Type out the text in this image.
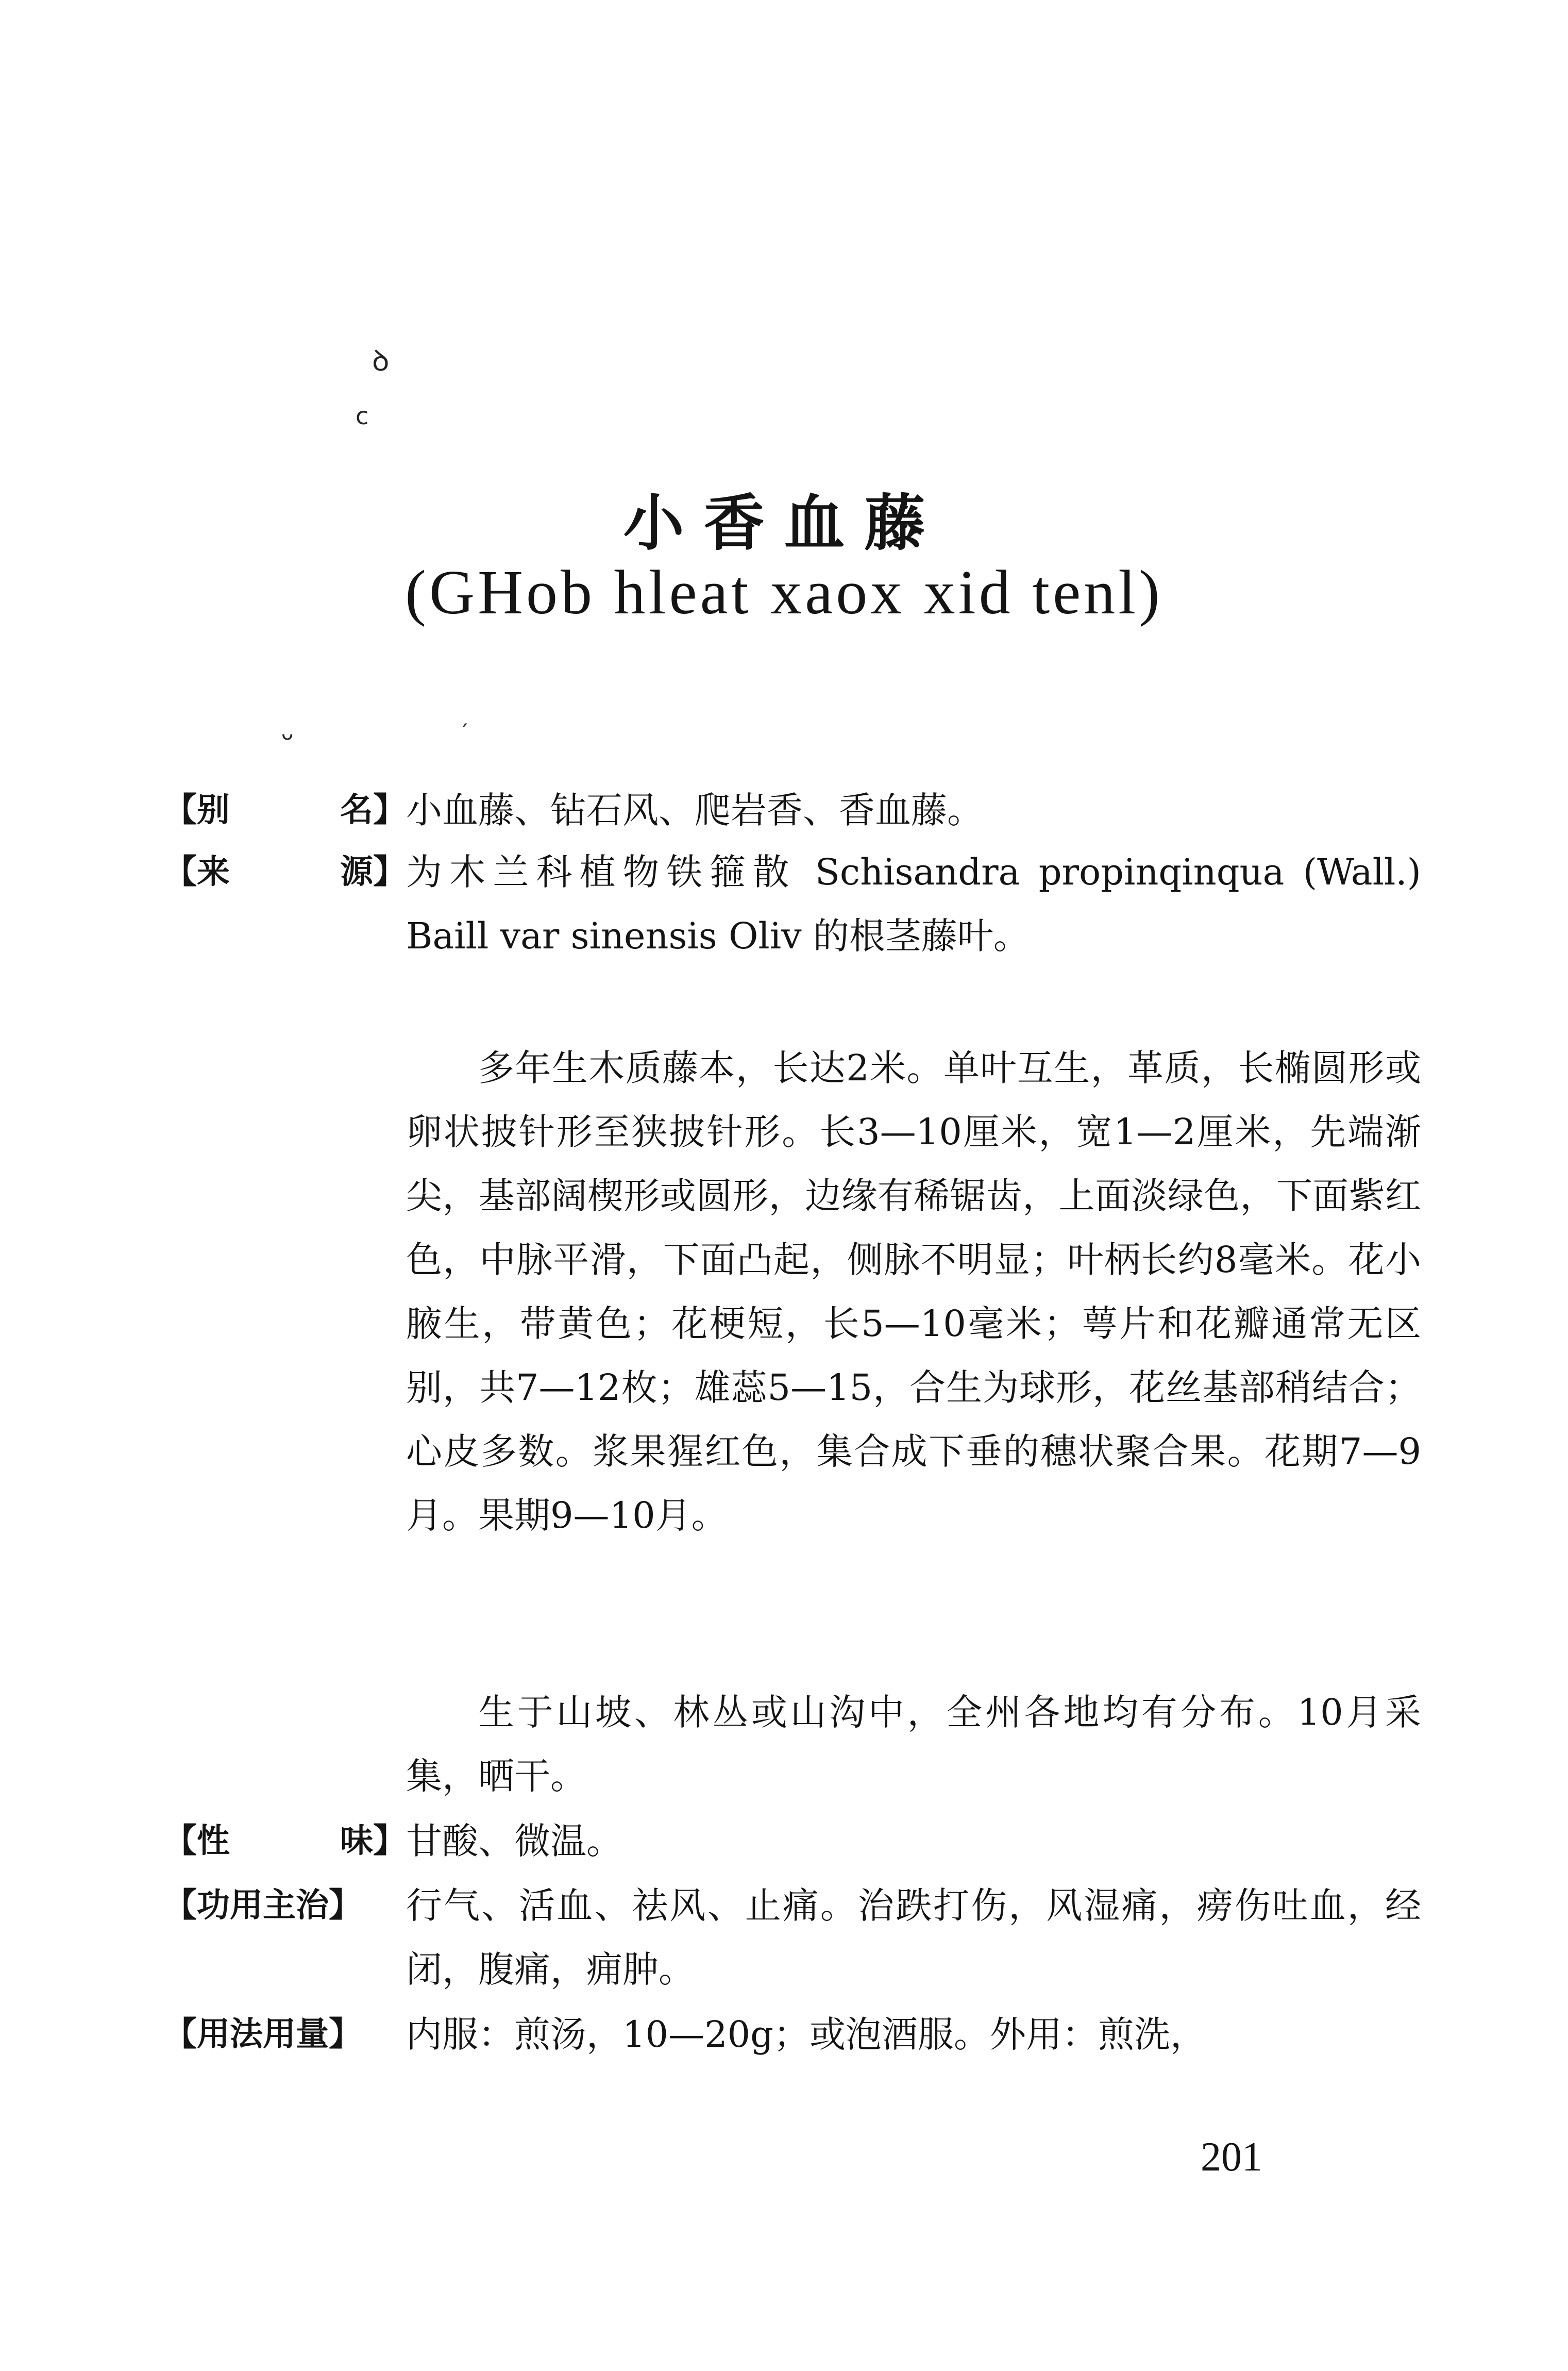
ꝺ
c
ᴗ	ˊ
小香血藤
(GHob hleat xaox xid tenl)
【别	名】 小血藤、钻石风、爬岩香、香血藤。
【来	源】 为木兰科植物铁箍散 Schisandra propinqinqua (Wall.) Baill var sinensis Oliv 的根茎藤叶。
多年生木质藤本，长达2米。单叶互生，革质，长椭圆形或卵状披针形至狭披针形。长3—10厘米，宽1—2厘米，先端渐尖，基部阔楔形或圆形，边缘有稀锯齿，上面淡绿色，下面紫红色，中脉平滑，下面凸起，侧脉不明显；叶柄长约8毫米。花小腋生，带黄色；花梗短，长5—10毫米；萼片和花瓣通常无区别，共7—12枚；雄蕊5—15，合生为球形，花丝基部稍结合；心皮多数。浆果猩红色，集合成下垂的穗状聚合果。花期7—9月。果期9—10月。
生于山坡、林丛或山沟中，全州各地均有分布。10月采集，晒干。
【性	味】 甘酸、微温。
【功用主治】	行气、活血、祛风、止痛。治跌打伤，风湿痛，痨伤吐血，经闭，腹痛，痈肿。
【用法用量】	内服：煎汤，10—20g；或泡酒服。外用：煎洗，
201
